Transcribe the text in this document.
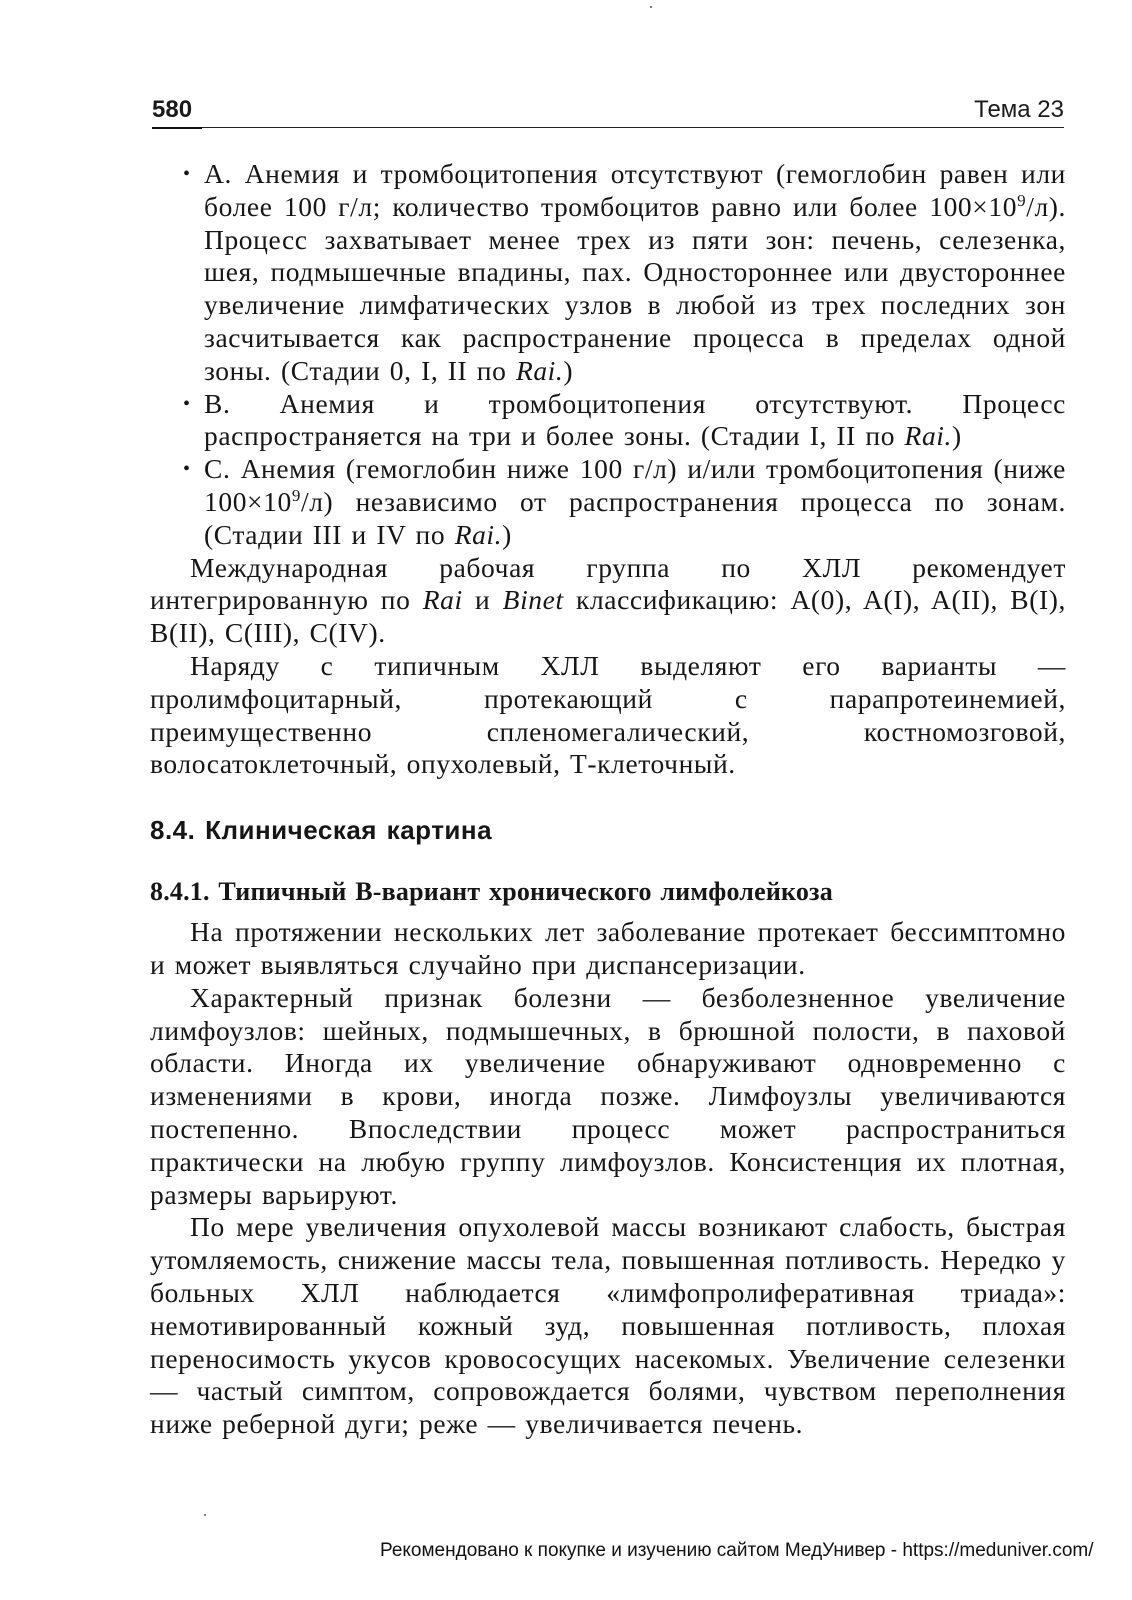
580	Тема 23

• А. Анемия и тромбоцитопения отсутствуют (гемоглобин равен или более 100 г/л; количество тромбоцитов равно или более $100\times 10^9/л$). Процесс захватывает менее трех из пяти зон: печень, селезенка, шея, подмышечные впадины, пах. Одностороннее или двустороннее увеличение лимфатических узлов в любой из трех последних зон засчитывается как распространение процесса в пределах одной зоны. (Стадии 0, I, II по Rai.)

• В. Анемия и тромбоцитопения отсутствуют. Процесс распространяется на три и более зоны. (Стадии I, II по Rai.)

• С. Анемия (гемоглобин ниже 100 г/л) и/или тромбоцитопения (ниже $100\times 10^9/л$) независимо от распространения процесса по зонам. (Стадии III и IV по Rai.)

Международная рабочая группа по ХЛЛ рекомендует интегрированную по Rai и Binet классификацию: A(0), A(I), A(II), B(I), B(II), C(III), C(IV).

Наряду с типичным ХЛЛ выделяют его варианты — пролимфоцитарный, протекающий с парапротеинемией, преимущественно спленомегалический, костномозговой, волосатоклеточный, опухолевый, Т-клеточный.

8.4. Клиническая картина
8.4.1. Типичный В-вариант хронического лимфолейкоза

На протяжении нескольких лет заболевание протекает бессимптомно и может выявляться случайно при диспансеризации.

Характерный признак болезни — безболезненное увеличение лимфоузлов: шейных, подмышечных, в брюшной полости, в паховой области. Иногда их увеличение обнаруживают одновременно с изменениями в крови, иногда позже. Лимфоузлы увеличиваются постепенно. Впоследствии процесс может распространиться практически на любую группу лимфоузлов. Консистенция их плотная, размеры варьируют.

По мере увеличения опухолевой массы возникают слабость, быстрая утомляемость, снижение массы тела, повышенная потливость. Нередко у больных ХЛЛ наблюдается «лимфопролиферативная триада»: немотивированный кожный зуд, повышенная потливость, плохая переносимость укусов кровососущих насекомых. Увеличение селезенки — частый симптом, сопровождается болями, чувством переполнения ниже реберной дуги; реже — увеличивается печень.

Рекомендовано к покупке и изучению сайтом МедУнивер - https://meduniver.com/
